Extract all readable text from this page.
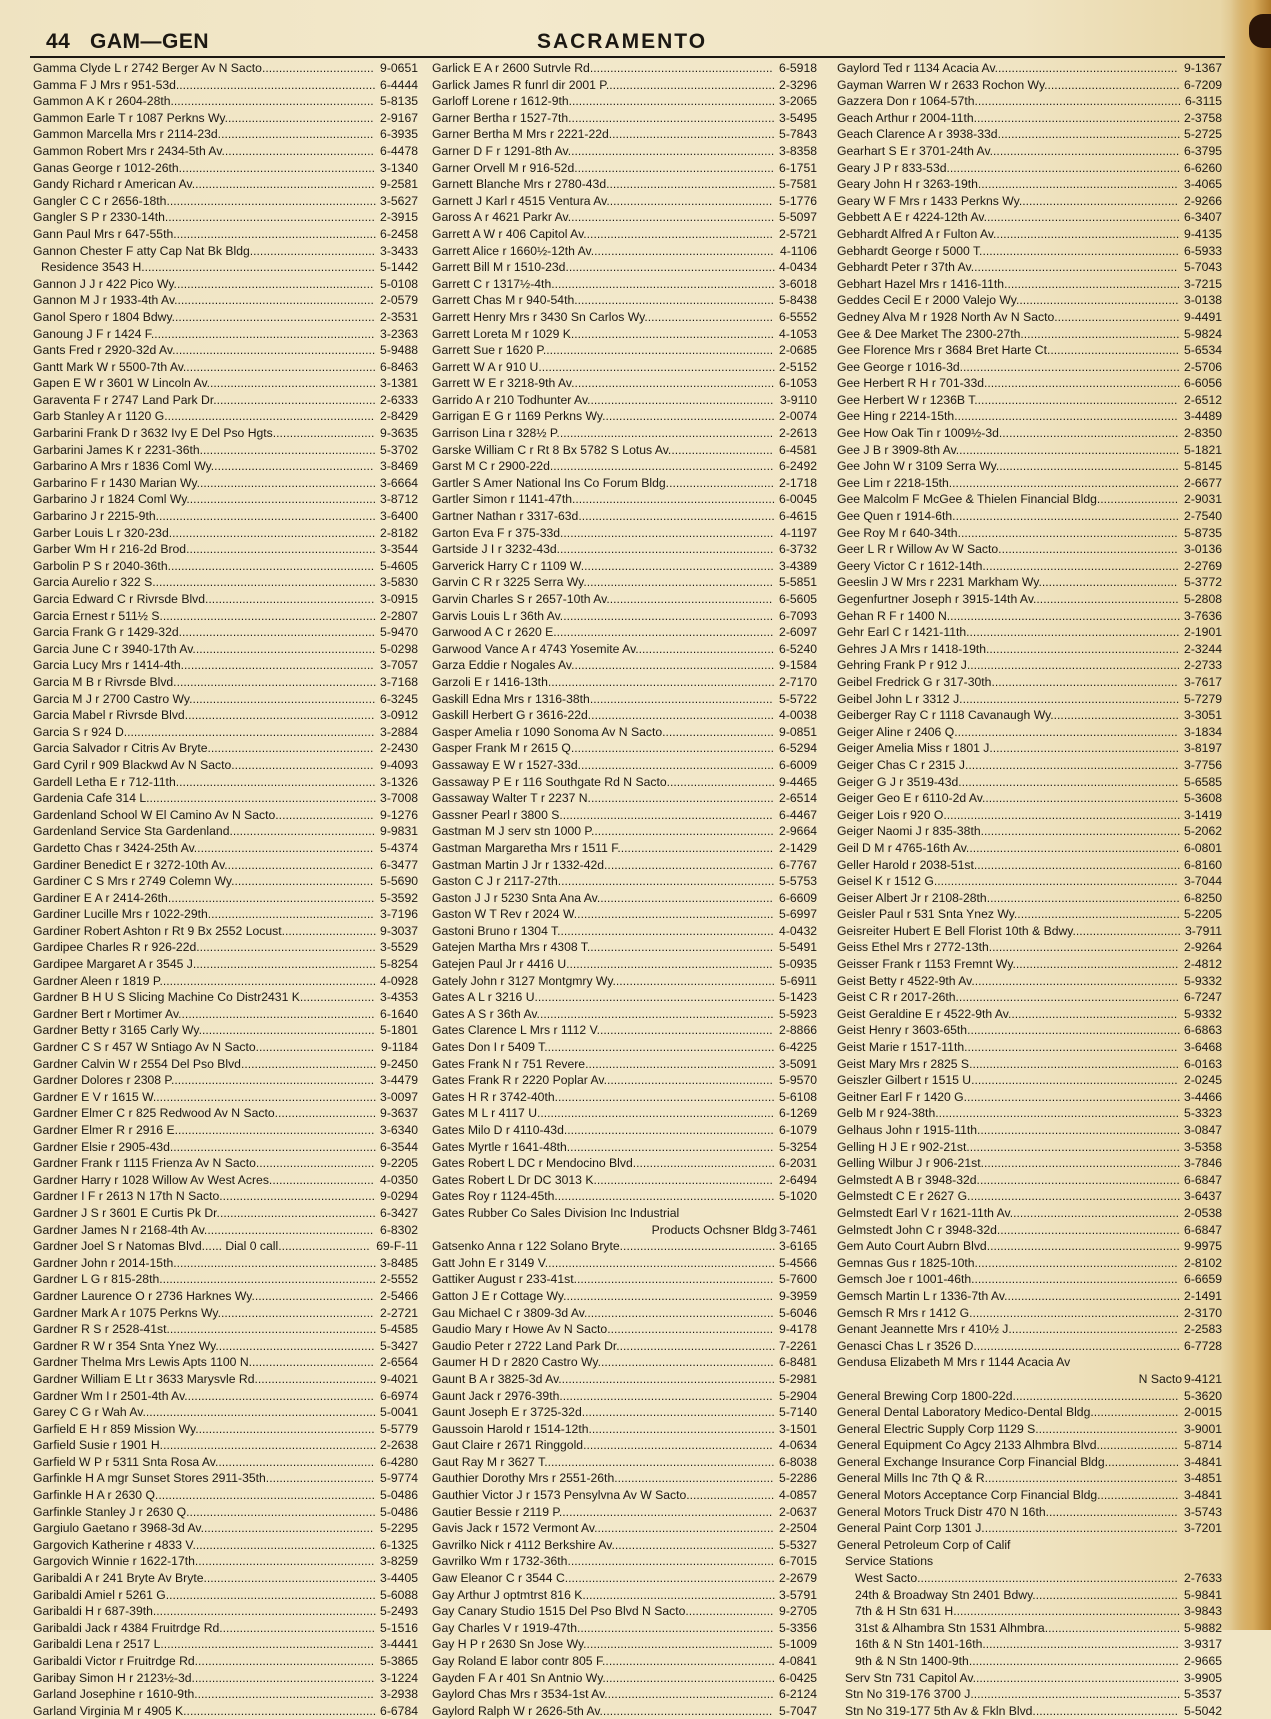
44 GAM—GEN	SACRAMENTO
Gamma Clyde L r 2742 Berger Av N Sacto................................. 9-0651
Gamma F J Mrs r 951-53d........................................................... 6-4444
Gammon A K r 2604-28th............................................................ 5-8135
Gammon Earle T r 1087 Perkns Wy............................................ 2-9167
Gammon Marcella Mrs r 2114-23d.............................................. 6-3935
Gammon Robert Mrs r 2434-5th Av............................................. 6-4478
Ganas George r 1012-26th.......................................................... 3-1340
Gandy Richard r American Av...................................................... 9-2581
Gangler C C r 2656-18th.............................................................. 3-5627
Gangler S P r 2330-14th.............................................................. 2-3915
Gann Paul Mrs r 647-55th............................................................ 6-2458
Gannon Chester F atty Cap Nat Bk Bldg..................................... 3-3433
Residence 3543 H..................................................................... 5-1442
Gannon J J r 422 Pico Wy........................................................... 5-0108
Gannon M J r 1933-4th Av........................................................... 2-0579
Ganol Spero r 1804 Bdwy............................................................ 2-3531
Ganoung J F r 1424 F.................................................................. 3-2363
Gants Fred r 2920-32d Av............................................................ 5-9488
Gantt Mark W r 5500-7th Av......................................................... 6-8463
Gapen E W r 3601 W Lincoln Av.................................................. 3-1381
Garaventa F r 2747 Land Park Dr................................................ 2-6333
Garb Stanley A r 1120 G.............................................................. 2-8429
Garbarini Frank D r 3632 Ivy E Del Pso Hgts.............................. 9-3635
Garbarini James K r 2231-36th.................................................... 5-3702
Garbarino A Mrs r 1836 Coml Wy................................................ 3-8469
Garbarino F r 1430 Marian Wy..................................................... 3-6664
Garbarino J r 1824 Coml Wy........................................................ 3-8712
Garbarino J r 2215-9th................................................................. 3-6400
Garber Louis L r 320-23d............................................................. 2-8182
Garber Wm H r 216-2d Brod........................................................ 3-3544
Garbolin P S r 2040-36th............................................................. 5-4605
Garcia Aurelio r 322 S.................................................................. 3-5830
Garcia Edward C r Rivrsde Blvd.................................................. 3-0915
Garcia Ernest r 511½ S................................................................ 2-2807
Garcia Frank G r 1429-32d.......................................................... 5-9470
Garcia June C r 3940-17th Av...................................................... 5-0298
Garcia Lucy Mrs r 1414-4th......................................................... 3-7057
Garcia M B r Rivrsde Blvd............................................................ 3-7168
Garcia M J r 2700 Castro Wy....................................................... 6-3245
Garcia Mabel r Rivrsde Blvd........................................................ 3-0912
Garcia S r 924 D.......................................................................... 3-2884
Garcia Salvador r Citris Av Bryte................................................. 2-2430
Gard Cyril r 909 Blackwd Av N Sacto.......................................... 9-4093
Gardell Letha E r 712-11th........................................................... 3-1326
Gardenia Cafe 314 L.................................................................... 3-7008
Gardenland School W El Camino Av N Sacto............................. 9-1276
Gardenland Service Sta Gardenland........................................... 9-9831
Gardetto Chas r 3424-25th Av..................................................... 5-4374
Gardiner Benedict E r 3272-10th Av............................................ 6-3477
Gardiner C S Mrs r 2749 Colemn Wy.......................................... 5-5690
Gardiner E A r 2414-26th............................................................. 5-3592
Gardiner Lucille Mrs r 1022-29th................................................. 3-7196
Gardiner Robert Ashton r Rt 9 Bx 2552 Locust............................ 9-3037
Gardipee Charles R r 926-22d..................................................... 3-5529
Gardipee Margaret A r 3545 J...................................................... 5-8254
Gardner Aleen r 1819 P................................................................ 4-0928
Gardner B H U S Slicing Machine Co Distr2431 K...................... 3-4353
Gardner Bert r Mortimer Av.......................................................... 6-1640
Gardner Betty r 3165 Carly Wy.................................................... 5-1801
Gardner C S r 457 W Sntiago Av N Sacto................................... 9-1184
Gardner Calvin W r 2554 Del Pso Blvd........................................ 9-2450
Gardner Dolores r 2308 P............................................................ 3-4479
Gardner E V r 1615 W.................................................................. 3-0097
Gardner Elmer C r 825 Redwood Av N Sacto.............................. 9-3637
Gardner Elmer R r 2916 E........................................................... 3-6340
Gardner Elsie r 2905-43d............................................................. 6-3544
Gardner Frank r 1115 Frienza Av N Sacto................................... 9-2205
Gardner Harry r 1028 Willow Av West Acres............................... 4-0350
Gardner I F r 2613 N 17th N Sacto.............................................. 9-0294
Gardner J S r 3601 E Curtis Pk Dr............................................... 6-3427
Gardner James N r 2168-4th Av.................................................. 6-8302
Gardner Joel S r Natomas Blvd...... Dial 0 call........................... 69-F-11
Gardner John r 2014-15th............................................................ 3-8485
Gardner L G r 815-28th................................................................ 2-5552
Gardner Laurence O r 2736 Harknes Wy.................................... 2-5466
Gardner Mark A r 1075 Perkns Wy.............................................. 2-2721
Gardner R S r 2528-41st.............................................................. 5-4585
Gardner R W r 354 Snta Ynez Wy............................................... 5-3427
Gardner Thelma Mrs Lewis Apts 1100 N..................................... 2-6564
Gardner William E Lt r 3633 Marysvle Rd.................................... 9-4021
Gardner Wm I r 2501-4th Av........................................................ 6-6974
Garey C G r Wah Av..................................................................... 5-0041
Garfield E H r 859 Mission Wy..................................................... 5-5779
Garfield Susie r 1901 H................................................................ 2-2638
Garfield W P r 5311 Snta Rosa Av............................................... 6-4280
Garfinkle H A mgr Sunset Stores 2911-35th................................ 5-9774
Garfinkle H A r 2630 Q................................................................. 5-0486
Garfinkle Stanley J r 2630 Q........................................................ 5-0486
Gargiulo Gaetano r 3968-3d Av................................................... 5-2295
Gargovich Katherine r 4833 V...................................................... 6-1325
Gargovich Winnie r 1622-17th..................................................... 3-8259
Garibaldi A r 241 Bryte Av Bryte................................................... 3-4405
Garibaldi Amiel r 5261 G.............................................................. 5-6088
Garibaldi H r 687-39th.................................................................. 5-2493
Garibaldi Jack r 4384 Fruitrdge Rd.............................................. 5-1516
Garibaldi Lena r 2517 L............................................................... 3-4441
Garibaldi Victor r Fruitrdge Rd..................................................... 5-3865
Garibay Simon H r 2123½-3d...................................................... 3-1224
Garland Josephine r 1610-9th..................................................... 3-2938
Garland Virginia M r 4905 K......................................................... 6-6784
Garlick E A r 2600 Sutrvle Rd...................................................... 6-5918
Garlick James R funrl dir 2001 P.................................................. 2-3296
Garloff Lorene r 1612-9th............................................................. 3-2065
Garner Bertha r 1527-7th............................................................. 3-5495
Garner Bertha M Mrs r 2221-22d................................................. 5-7843
Garner D F r 1291-8th Av............................................................. 3-8358
Garner Orvell M r 916-52d........................................................... 6-1751
Garnett Blanche Mrs r 2780-43d.................................................. 5-7581
Garnett J Karl r 4515 Ventura Av................................................. 5-1776
Gaross A r 4621 Parkr Av............................................................. 5-5097
Garrett A W r 406 Capitol Av........................................................ 2-5721
Garrett Alice r 1660½-12th Av...................................................... 4-1106
Garrett Bill M r 1510-23d.............................................................. 4-0434
Garrett C r 1317½-4th.................................................................. 3-6018
Garrett Chas M r 940-54th........................................................... 5-8438
Garrett Henry Mrs r 3430 Sn Carlos Wy...................................... 6-5552
Garrett Loreta M r 1029 K............................................................ 4-1053
Garrett Sue r 1620 P.................................................................... 2-0685
Garrett W A r 910 U...................................................................... 2-5152
Garrett W E r 3218-9th Av............................................................ 6-1053
Garrido A r 210 Todhunter Av....................................................... 3-9110
Garrigan E G r 1169 Perkns Wy................................................... 2-0074
Garrison Lina r 328½ P................................................................ 2-2613
Garske William C r Rt 8 Bx 5782 S Lotus Av............................... 6-4581
Garst M C r 2900-22d.................................................................. 6-2492
Gartler S Amer National Ins Co Forum Bldg................................ 2-1718
Gartler Simon r 1141-47th............................................................ 6-0045
Gartner Nathan r 3317-63d.......................................................... 6-4615
Garton Eva F r 375-33d............................................................... 4-1197
Gartside J I r 3232-43d................................................................ 6-3732
Garverick Harry C r 1109 W......................................................... 3-4389
Garvin C R r 3225 Serra Wy........................................................ 5-5851
Garvin Charles S r 2657-10th Av................................................. 6-5605
Garvis Louis L r 36th Av............................................................... 6-7093
Garwood A C r 2620 E................................................................. 2-6097
Garwood Vance A r 4743 Yosemite Av......................................... 6-5240
Garza Eddie r Nogales Av............................................................ 9-1584
Garzoli E r 1416-13th................................................................... 2-7170
Gaskill Edna Mrs r 1316-38th...................................................... 5-5722
Gaskill Herbert G r 3616-22d....................................................... 4-0038
Gasper Amelia r 1090 Sonoma Av N Sacto................................. 9-0851
Gasper Frank M r 2615 Q............................................................ 6-5294
Gassaway E W r 1527-33d.......................................................... 6-6009
Gassaway P E r 116 Southgate Rd N Sacto................................ 9-4465
Gassaway Walter T r 2237 N....................................................... 2-6514
Gassner Pearl r 3800 S............................................................... 6-4467
Gastman M J serv stn 1000 P...................................................... 2-9664
Gastman Margaretha Mrs r 1511 F.............................................. 2-1429
Gastman Martin J Jr r 1332-42d.................................................. 6-7767
Gaston C J r 2117-27th................................................................ 5-5753
Gaston J J r 5230 Snta Ana Av.................................................... 6-6609
Gaston W T Rev r 2024 W........................................................... 5-6997
Gastoni Bruno r 1304 T................................................................ 4-0432
Gatejen Martha Mrs r 4308 T....................................................... 5-5491
Gatejen Paul Jr r 4416 U............................................................. 5-0935
Gately John r 3127 Montgmry Wy................................................ 5-6911
Gates A L r 3216 U....................................................................... 5-1423
Gates A S r 36th Av...................................................................... 5-5923
Gates Clarence L Mrs r 1112 V.................................................... 2-8866
Gates Don I r 5409 T.................................................................... 6-4225
Gates Frank N r 751 Revere........................................................ 3-5091
Gates Frank R r 2220 Poplar Av.................................................. 5-9570
Gates H R r 3742-40th................................................................. 5-6108
Gates M L r 4117 U...................................................................... 6-1269
Gates Milo D r 4110-43d.............................................................. 6-1079
Gates Myrtle r 1641-48th............................................................. 5-3254
Gates Robert L DC r Mendocino Blvd.......................................... 6-2031
Gates Robert L Dr DC 3013 K..................................................... 2-6494
Gates Roy r 1124-45th................................................................. 5-1020
Gates Rubber Co Sales Division Inc Industrial
Products Ochsner Bldg 3-7461
Gatsenko Anna r 122 Solano Bryte.............................................. 3-6165
Gatt John E r 3149 V.................................................................... 5-4566
Gattiker August r 233-41st........................................................... 5-7600
Gatton J E r Cottage Wy.............................................................. 9-3959
Gau Michael C r 3809-3d Av........................................................ 5-6046
Gaudio Mary r Howe Av N Sacto................................................. 9-4178
Gaudio Peter r 2722 Land Park Dr............................................... 7-2261
Gaumer H D r 2820 Castro Wy.................................................... 6-8481
Gaunt B A r 3825-3d Av................................................................ 5-2981
Gaunt Jack r 2976-39th............................................................... 5-2904
Gaunt Joseph E r 3725-32d......................................................... 5-7140
Gaussoin Harold r 1514-12th....................................................... 3-1501
Gaut Claire r 2671 Ringgold........................................................ 4-0634
Gaut Ray M r 3627 T.................................................................... 6-8038
Gauthier Dorothy Mrs r 2551-26th............................................... 5-2286
Gauthier Victor J r 1573 Pensylvna Av W Sacto.......................... 4-0857
Gautier Bessie r 2119 P............................................................... 2-0637
Gavis Jack r 1572 Vermont Av..................................................... 2-2504
Gavrilko Nick r 4112 Berkshire Av................................................ 5-5327
Gavrilko Wm r 1732-36th............................................................. 6-7015
Gaw Eleanor C r 3544 C.............................................................. 2-2679
Gay Arthur J optmtrst 816 K......................................................... 3-5791
Gay Canary Studio 1515 Del Pso Blvd N Sacto.......................... 9-2705
Gay Charles V r 1919-47th.......................................................... 5-3356
Gay H P r 2630 Sn Jose Wy........................................................ 5-1009
Gay Roland E labor contr 805 F................................................... 4-0841
Gayden F A r 401 Sn Antnio Wy................................................... 6-0425
Gaylord Chas Mrs r 3534-1st Av.................................................. 6-2124
Gaylord Ralph W r 2626-5th Av................................................... 5-7047
Gaylord Ted r 1134 Acacia Av...................................................... 9-1367
Gayman Warren W r 2633 Rochon Wy........................................ 6-7209
Gazzera Don r 1064-57th............................................................. 6-3115
Geach Arthur r 2004-11th............................................................. 2-3758
Geach Clarence A r 3938-33d...................................................... 5-2725
Gearhart S E r 3701-24th Av........................................................ 6-3795
Geary J P r 833-53d..................................................................... 6-6260
Geary John H r 3263-19th........................................................... 3-4065
Geary W F Mrs r 1433 Perkns Wy............................................... 2-9266
Gebbett A E r 4224-12th Av.......................................................... 6-3407
Gebhardt Alfred A r Fulton Av....................................................... 9-4135
Gebhardt George r 5000 T........................................................... 6-5933
Gebhardt Peter r 37th Av............................................................. 5-7043
Gebhart Hazel Mrs r 1416-11th.................................................... 3-7215
Geddes Cecil E r 2000 Valejo Wy................................................ 3-0138
Gedney Alva M r 1928 North Av N Sacto..................................... 9-4491
Gee & Dee Market The 2300-27th............................................... 5-9824
Gee Florence Mrs r 3684 Bret Harte Ct....................................... 5-6534
Gee George r 1016-3d................................................................. 2-5706
Gee Herbert R H r 701-33d.......................................................... 6-6056
Gee Herbert W r 1236B T............................................................ 2-6512
Gee Hing r 2214-15th.................................................................. 3-4489
Gee How Oak Tin r 1009½-3d..................................................... 2-8350
Gee J B r 3909-8th Av.................................................................. 5-1821
Gee John W r 3109 Serra Wy...................................................... 5-8145
Gee Lim r 2218-15th.................................................................... 2-6677
Gee Malcolm F McGee & Thielen Financial Bldg........................ 2-9031
Gee Quen r 1914-6th................................................................... 2-7540
Gee Roy M r 640-34th................................................................. 5-8735
Geer L R r Willow Av W Sacto..................................................... 3-0136
Geery Victor C r 1612-14th.......................................................... 2-2769
Geeslin J W Mrs r 2231 Markham Wy......................................... 5-3772
Gegenfurtner Joseph r 3915-14th Av........................................... 5-2808
Gehan R F r 1400 N..................................................................... 3-7636
Gehr Earl C r 1421-11th............................................................... 2-1901
Gehres J A Mrs r 1418-19th......................................................... 2-3244
Gehring Frank P r 912 J............................................................... 2-2733
Geibel Fredrick G r 317-30th....................................................... 3-7617
Geibel John L r 3312 J................................................................. 5-7279
Geiberger Ray C r 1118 Cavanaugh Wy...................................... 3-3051
Geiger Aline r 2406 Q.................................................................. 3-1834
Geiger Amelia Miss r 1801 J........................................................ 3-8197
Geiger Chas C r 2315 J............................................................... 3-7756
Geiger G J r 3519-43d................................................................. 5-6585
Geiger Geo E r 6110-2d Av.......................................................... 5-3608
Geiger Lois r 920 O...................................................................... 3-1419
Geiger Naomi J r 835-38th........................................................... 5-2062
Geil D M r 4765-16th Av............................................................... 6-0801
Geller Harold r 2038-51st............................................................. 6-8160
Geisel K r 1512 G........................................................................ 3-7044
Geiser Albert Jr r 2108-28th......................................................... 6-8250
Geisler Paul r 531 Snta Ynez Wy................................................. 5-2205
Geisreiter Hubert E Bell Florist 10th & Bdwy................................ 3-7911
Geiss Ethel Mrs r 2772-13th........................................................ 2-9264
Geisser Frank r 1153 Fremnt Wy................................................. 2-4812
Geist Betty r 4522-9th Av............................................................. 5-9332
Geist C R r 2017-26th.................................................................. 6-7247
Geist Geraldine E r 4522-9th Av.................................................. 5-9332
Geist Henry r 3603-65th............................................................... 6-6863
Geist Marie r 1517-11th............................................................... 3-6468
Geist Mary Mrs r 2825 S.............................................................. 6-0163
Geiszler Gilbert r 1515 U............................................................. 2-0245
Geitner Earl F r 1420 G................................................................ 3-4466
Gelb M r 924-38th........................................................................ 5-3323
Gelhaus John r 1915-11th............................................................ 3-0847
Gelling H J E r 902-21st............................................................... 3-5358
Gelling Wilbur J r 906-21st........................................................... 3-7846
Gelmstedt A B r 3948-32d............................................................ 6-6847
Gelmstedt C E r 2627 G............................................................... 3-6437
Gelmstedt Earl V r 1621-11th Av.................................................. 2-0538
Gelmstedt John C r 3948-32d...................................................... 6-6847
Gem Auto Court Aubrn Blvd......................................................... 9-9975
Gemnas Gus r 1825-10th............................................................ 2-8102
Gemsch Joe r 1001-46th............................................................. 6-6659
Gemsch Martin L r 1336-7th Av.................................................... 2-1491
Gemsch R Mrs r 1412 G.............................................................. 2-3170
Genant Jeannette Mrs r 410½ J.................................................. 2-2583
Genasci Chas L r 3526 D............................................................. 6-7728
Gendusa Elizabeth M Mrs r 1144 Acacia Av
N Sacto 9-4121
General Brewing Corp 1800-22d................................................. 5-3620
General Dental Laboratory Medico-Dental Bldg.......................... 2-0015
General Electric Supply Corp 1129 S.......................................... 3-9001
General Equipment Co Agcy 2133 Alhmbra Blvd........................ 5-8714
General Exchange Insurance Corp Financial Bldg...................... 3-4841
General Mills Inc 7th Q & R......................................................... 3-4851
General Motors Acceptance Corp Financial Bldg........................ 3-4841
General Motors Truck Distr 470 N 16th....................................... 3-5743
General Paint Corp 1301 J.......................................................... 3-7201
General Petroleum Corp of Calif
Service Stations
West Sacto............................................................................. 2-7633
24th & Broadway Stn 2401 Bdwy........................................... 5-9841
7th & H Stn 631 H................................................................... 3-9843
31st & Alhambra Stn 1531 Alhmbra........................................ 5-9882
16th & N Stn 1401-16th.......................................................... 3-9317
9th & N Stn 1400-9th.............................................................. 2-9665
Serv Stn 731 Capitol Av............................................................. 3-9905
Stn No 319-176 3700 J.............................................................. 5-3537
Stn No 319-177 5th Av & Fkln Blvd........................................... 5-5042
